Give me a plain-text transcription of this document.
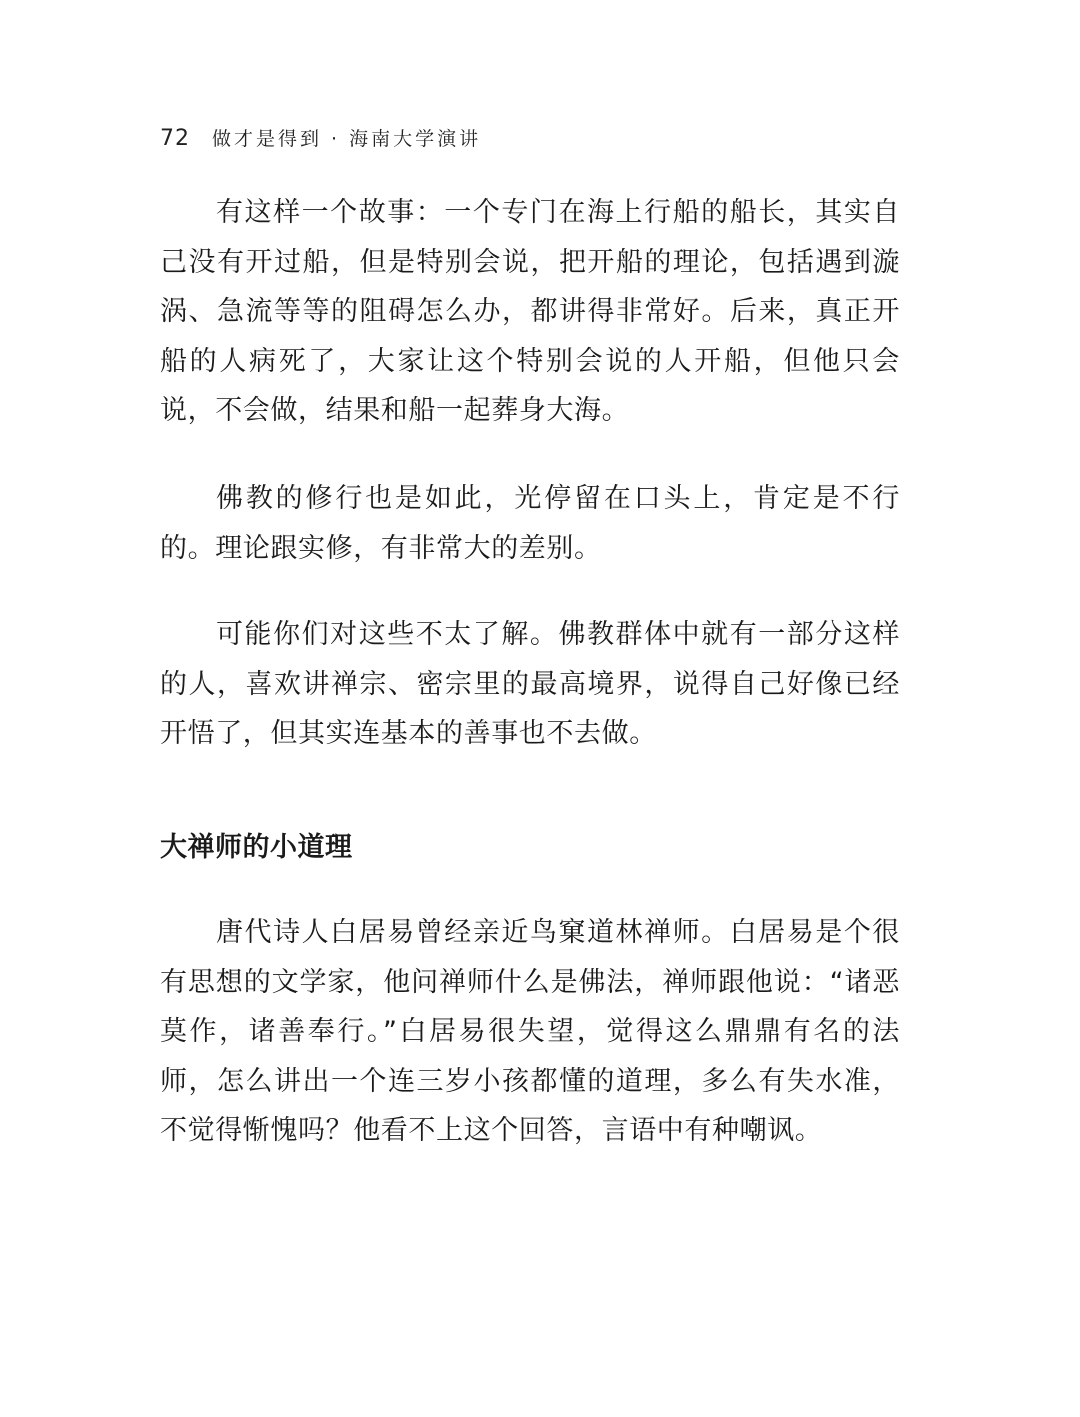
72 做才是得到 · 海南大学演讲

有这样一个故事：一个专门在海上行船的船长，其实自己没有开过船，但是特别会说，把开船的理论，包括遇到漩涡、急流等等的阻碍怎么办，都讲得非常好。后来，真正开船的人病死了，大家让这个特别会说的人开船，但他只会说，不会做，结果和船一起葬身大海。

佛教的修行也是如此，光停留在口头上，肯定是不行的。理论跟实修，有非常大的差别。

可能你们对这些不太了解。佛教群体中就有一部分这样的人，喜欢讲禅宗、密宗里的最高境界，说得自己好像已经开悟了，但其实连基本的善事也不去做。

大禅师的小道理

唐代诗人白居易曾经亲近鸟窠道林禅师。白居易是个很有思想的文学家，他问禅师什么是佛法，禅师跟他说：“诸恶莫作，诸善奉行。”白居易很失望，觉得这么鼎鼎有名的法师，怎么讲出一个连三岁小孩都懂的道理，多么有失水准，不觉得惭愧吗？他看不上这个回答，言语中有种嘲讽。
